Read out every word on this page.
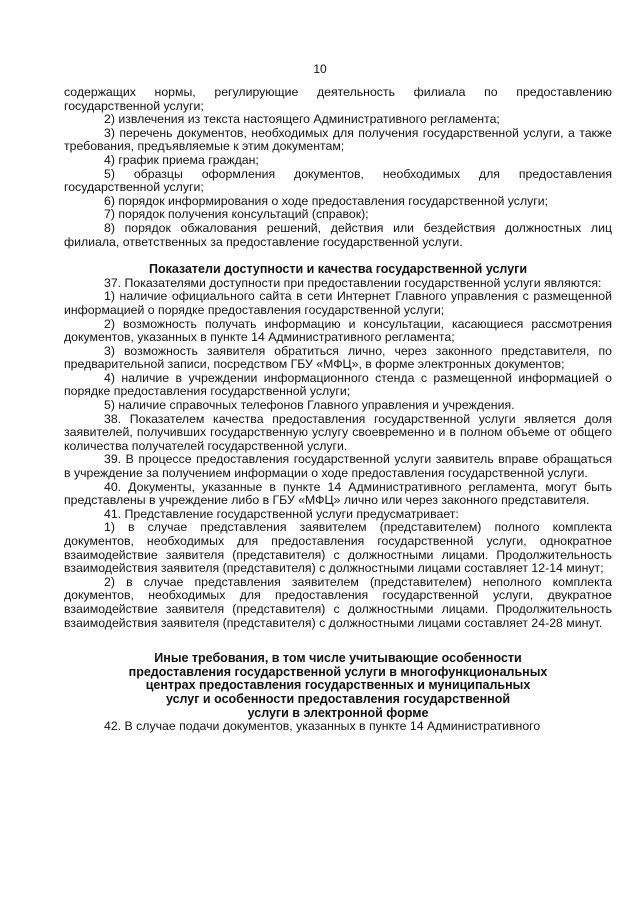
10

содержащих нормы, регулирующие деятельность филиала по предоставлению государственной услуги;

2) извлечения из текста настоящего Административного регламента;

3) перечень документов, необходимых для получения государственной услуги, а также требования, предъявляемые к этим документам;

4) график приема граждан;

5) образцы оформления документов, необходимых для предоставления государственной услуги;

6) порядок информирования о ходе предоставления государственной услуги;

7) порядок получения консультаций (справок);

8) порядок обжалования решений, действия или бездействия должностных лиц филиала, ответственных за предоставление государственной услуги.

Показатели доступности и качества государственной услуги

37. Показателями доступности при предоставлении государственной услуги являются:

1) наличие официального сайта в сети Интернет Главного управления с размещенной информацией о порядке предоставления государственной услуги;

2) возможность получать информацию и консультации, касающиеся рассмотрения документов, указанных в пункте 14 Административного регламента;

3) возможность заявителя обратиться лично, через законного представителя, по предварительной записи, посредством ГБУ «МФЦ», в форме электронных документов;

4) наличие в учреждении информационного стенда с размещенной информацией о порядке предоставления государственной услуги;

5) наличие справочных телефонов Главного управления и учреждения.

38. Показателем качества предоставления государственной услуги является доля заявителей, получивших государственную услугу своевременно и в полном объеме от общего количества получателей государственной услуги.

39. В процессе предоставления государственной услуги заявитель вправе обращаться в учреждение за получением информации о ходе предоставления государственной услуги.

40. Документы, указанные в пункте 14 Административного регламента, могут быть представлены в учреждение либо в ГБУ «МФЦ» лично или через законного представителя.

41. Представление государственной услуги предусматривает:

1) в случае представления заявителем (представителем) полного комплекта документов, необходимых для предоставления государственной услуги, однократное взаимодействие заявителя (представителя) с должностными лицами. Продолжительность взаимодействия заявителя (представителя) с должностными лицами составляет 12-14 минут;

2) в случае представления заявителем (представителем) неполного комплекта документов, необходимых для предоставления государственной услуги, двукратное взаимодействие заявителя (представителя) с должностными лицами. Продолжительность взаимодействия заявителя (представителя) с должностными лицами составляет 24-28 минут.

Иные требования, в том числе учитывающие особенности
предоставления государственной услуги в многофункциональных
центрах предоставления государственных и муниципальных
услуг и особенности предоставления государственной
услуги в электронной форме

42. В случае подачи документов, указанных в пункте 14 Административного
